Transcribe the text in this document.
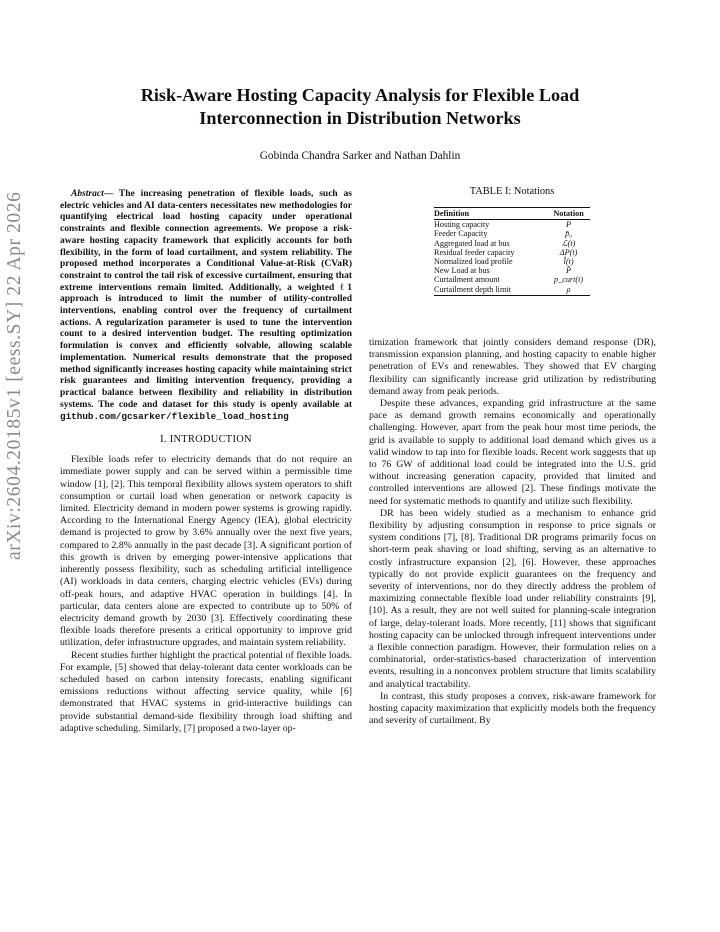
arXiv:2604.20185v1 [eess.SY] 22 Apr 2026
Risk-Aware Hosting Capacity Analysis for Flexible Load Interconnection in Distribution Networks
Gobinda Chandra Sarker and Nathan Dahlin

Abstract— The increasing penetration of flexible loads, such as electric vehicles and AI data-centers necessitates new methodologies for quantifying electrical load hosting capacity under operational constraints and flexible connection agreements. We propose a risk-aware hosting capacity framework that explicitly accounts for both flexibility, in the form of load curtailment, and system reliability. The proposed method incorporates a Conditional Value-at-Risk (CVaR) constraint to control the tail risk of excessive curtailment, ensuring that extreme interventions remain limited. Additionally, a weighted ℓ1 approach is introduced to limit the number of utility-controlled interventions, enabling control over the frequency of curtailment actions. A regularization parameter is used to tune the intervention count to a desired intervention budget. The resulting optimization formulation is convex and efficiently solvable, allowing scalable implementation. Numerical results demonstrate that the proposed method significantly increases hosting capacity while maintaining strict risk guarantees and limiting intervention frequency, providing a practical balance between flexibility and reliability in distribution systems. The code and dataset for this study is openly available at github.com/gcsarker/flexible_load_hosting

I. INTRODUCTION

Flexible loads refer to electricity demands that do not require an immediate power supply and can be served within a permissible time window [1], [2]. This temporal flexibility allows system operators to shift consumption or curtail load when generation or network capacity is limited. Electricity demand in modern power systems is growing rapidly. According to the International Energy Agency (IEA), global electricity demand is projected to grow by 3.6% annually over the next five years, compared to 2.8% annually in the past decade [3]. A significant portion of this growth is driven by emerging power-intensive applications that inherently possess flexibility, such as scheduling artificial intelligence (AI) workloads in data centers, charging electric vehicles (EVs) during off-peak hours, and adaptive HVAC operation in buildings [4]. In particular, data centers alone are expected to contribute up to 50% of electricity demand growth by 2030 [3]. Effectively coordinating these flexible loads therefore presents a critical opportunity to improve grid utilization, defer infrastructure upgrades, and maintain system reliability.

Recent studies further highlight the practical potential of flexible loads. For example, [5] showed that delay-tolerant data center workloads can be scheduled based on carbon intensity forecasts, enabling significant emissions reductions without affecting service quality, while [6] demonstrated that HVAC systems in grid-interactive buildings can provide substantial demand-side flexibility through load shifting and adaptive scheduling. Similarly, [7] proposed a two-layer op-

TABLE I: Notations
Definition	Notation
Hosting capacity	P
Feeder Capacity	p̄₀
Aggregated load at bus	ℒ(t)
Residual feeder capacity	ΔP(t)
Normalized load profile	l̂(t)
New Load at bus	P̂
Curtailment amount	p_curt(t)
Curtailment depth limit	ρ

timization framework that jointly considers demand response (DR), transmission expansion planning, and hosting capacity to enable higher penetration of EVs and renewables. They showed that EV charging flexibility can significantly increase grid utilization by redistributing demand away from peak periods.

Despite these advances, expanding grid infrastructure at the same pace as demand growth remains economically and operationally challenging. However, apart from the peak hour most time periods, the grid is available to supply to additional load demand which gives us a valid window to tap into for flexible loads. Recent work suggests that up to 76 GW of additional load could be integrated into the U.S. grid without increasing generation capacity, provided that limited and controlled interventions are allowed [2]. These findings motivate the need for systematic methods to quantify and utilize such flexibility.

DR has been widely studied as a mechanism to enhance grid flexibility by adjusting consumption in response to price signals or system conditions [7], [8]. Traditional DR programs primarily focus on short-term peak shaving or load shifting, serving as an alternative to costly infrastructure expansion [2], [6]. However, these approaches typically do not provide explicit guarantees on the frequency and severity of interventions, nor do they directly address the problem of maximizing connectable flexible load under reliability constraints [9], [10]. As a result, they are not well suited for planning-scale integration of large, delay-tolerant loads. More recently, [11] shows that significant hosting capacity can be unlocked through infrequent interventions under a flexible connection paradigm. However, their formulation relies on a combinatorial, order-statistics-based characterization of intervention events, resulting in a nonconvex problem structure that limits scalability and analytical tractability.

In contrast, this study proposes a convex, risk-aware framework for hosting capacity maximization that explicitly models both the frequency and severity of curtailment. By
